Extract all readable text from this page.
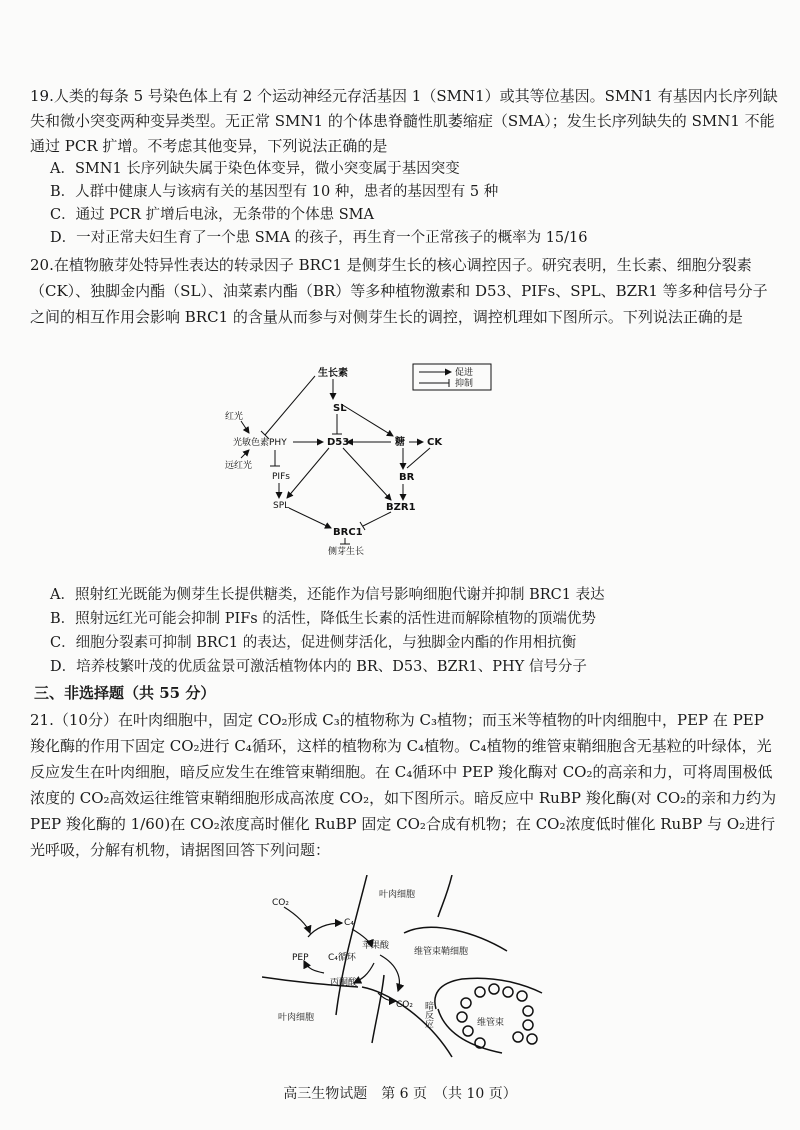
19.人类的每条 5 号染色体上有 2 个运动神经元存活基因 1（SMN1）或其等位基因。SMN1 有基因内长序列缺失和微小突变两种变异类型。无正常 SMN1 的个体患脊髓性肌萎缩症（SMA）；发生长序列缺失的 SMN1 不能通过 PCR 扩增。不考虑其他变异，下列说法正确的是
A．SMN1 长序列缺失属于染色体变异，微小突变属于基因突变
B．人群中健康人与该病有关的基因型有 10 种，患者的基因型有 5 种
C．通过 PCR 扩增后电泳，无条带的个体患 SMA
D．一对正常夫妇生育了一个患 SMA 的孩子，再生育一个正常孩子的概率为 15/16
20.在植物腋芽处特异性表达的转录因子 BRC1 是侧芽生长的核心调控因子。研究表明，生长素、细胞分裂素（CK）、独脚金内酯（SL）、油菜素内酯（BR）等多种植物激素和 D53、PIFs、SPL、BZR1 等多种信号分子之间的相互作用会影响 BRC1 的含量从而参与对侧芽生长的调控，调控机理如下图所示。下列说法正确的是
促进
抑制
生长素
SL
红光
光敏色素PHY
远红光
D53	糖 CK
PIFs	BR
SPL	BZR1
BRC1
侧芽生长
A．照射红光既能为侧芽生长提供糖类，还能作为信号影响细胞代谢并抑制 BRC1 表达
B．照射远红光可能会抑制 PIFs 的活性，降低生长素的活性进而解除植物的顶端优势
C．细胞分裂素可抑制 BRC1 的表达，促进侧芽活化，与独脚金内酯的作用相抗衡
D．培养枝繁叶茂的优质盆景可激活植物体内的 BR、D53、BZR1、PHY 信号分子
三、非选择题（共 55 分）
21.（10分）在叶肉细胞中，固定 CO₂形成 C₃的植物称为 C₃植物；而玉米等植物的叶肉细胞中，PEP 在 PEP 羧化酶的作用下固定 CO₂进行 C₄循环，这样的植物称为 C₄植物。C₄植物的维管束鞘细胞含无基粒的叶绿体，光反应发生在叶肉细胞，暗反应发生在维管束鞘细胞。在 C₄循环中 PEP 羧化酶对 CO₂的高亲和力，可将周围极低浓度的 CO₂高效运往维管束鞘细胞形成高浓度 CO₂，如下图所示。暗反应中 RuBP 羧化酶(对 CO₂的亲和力约为 PEP 羧化酶的 1/60)在 CO₂浓度高时催化 RuBP 固定 CO₂合成有机物；在 CO₂浓度低时催化 RuBP 与 O₂进行光呼吸，分解有机物，请据图回答下列问题：
CO₂
叶肉细胞
C₄
苹果酸
维管束鞘细胞
PEP C₄循环
丙酮酸
CO₂ 暗反应
叶肉细胞	维管束
高三生物试题　第 6 页　（共 10 页）
